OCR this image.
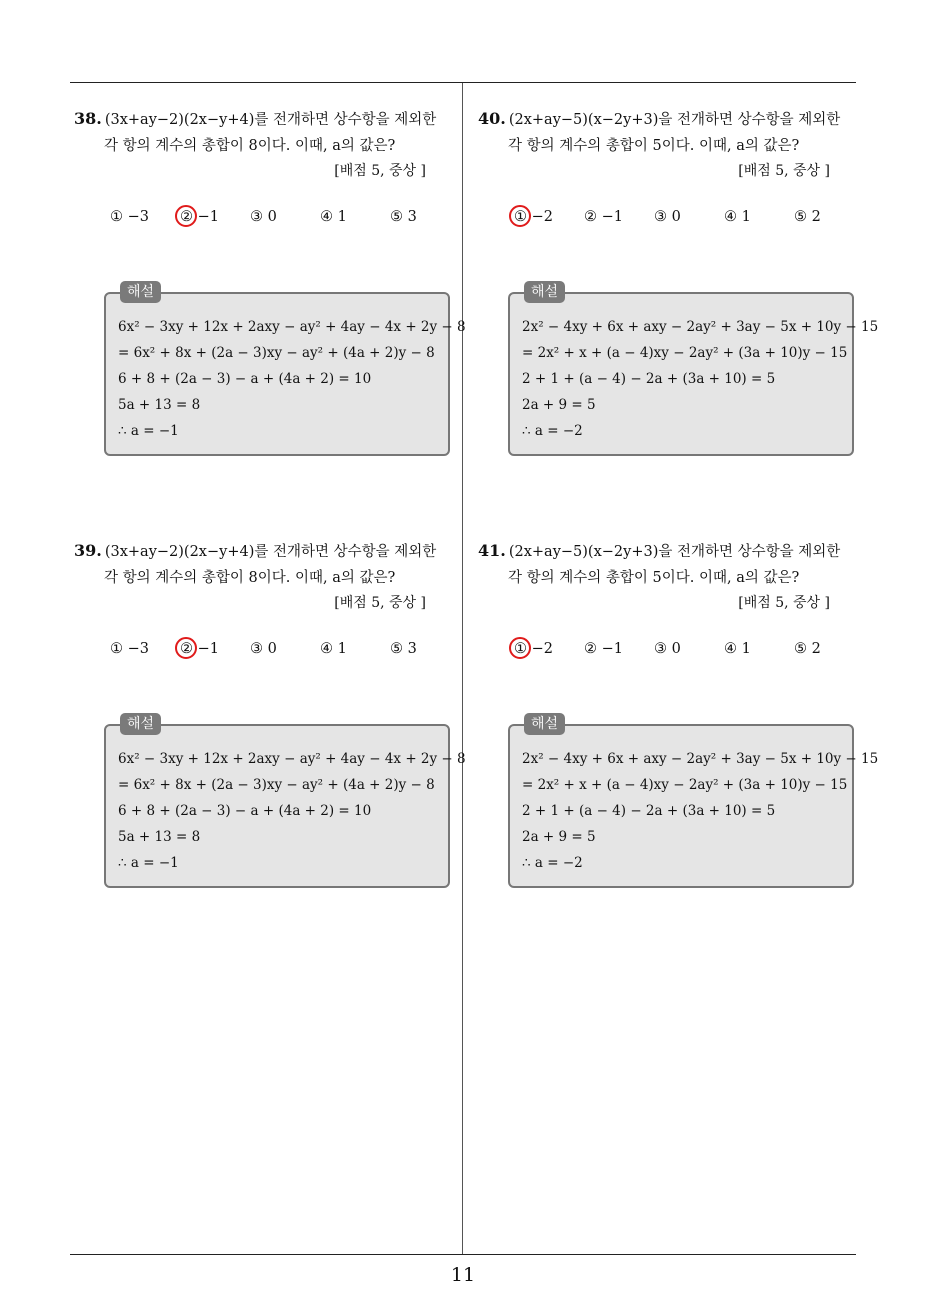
11
38. (3x+ay−2)(2x−y+4)를 전개하면 상수항을 제외한
각 항의 계수의 총합이 8이다. 이때, a의 값은?
[배점 5, 중상 ]
① −3 ② −1 ③ 0	④ 1	⑤ 3
해설
6x² − 3xy + 12x + 2axy − ay² + 4ay − 4x + 2y − 8
= 6x² + 8x + (2a − 3)xy − ay² + (4a + 2)y − 8
6 + 8 + (2a − 3) − a + (4a + 2) = 10
5a + 13 = 8
∴ a = −1
40. (2x+ay−5)(x−2y+3)을 전개하면 상수항을 제외한
각 항의 계수의 총합이 5이다. 이때, a의 값은?
[배점 5, 중상 ]
① −2 ② −1 ③ 0	④ 1	⑤ 2
해설
2x² − 4xy + 6x + axy − 2ay² + 3ay − 5x + 10y − 15
= 2x² + x + (a − 4)xy − 2ay² + (3a + 10)y − 15
2 + 1 + (a − 4) − 2a + (3a + 10) = 5
2a + 9 = 5
∴ a = −2
39. (3x+ay−2)(2x−y+4)를 전개하면 상수항을 제외한
각 항의 계수의 총합이 8이다. 이때, a의 값은?
[배점 5, 중상 ]
① −3 ② −1 ③ 0	④ 1	⑤ 3
해설
6x² − 3xy + 12x + 2axy − ay² + 4ay − 4x + 2y − 8
= 6x² + 8x + (2a − 3)xy − ay² + (4a + 2)y − 8
6 + 8 + (2a − 3) − a + (4a + 2) = 10
5a + 13 = 8
∴ a = −1
41. (2x+ay−5)(x−2y+3)을 전개하면 상수항을 제외한
각 항의 계수의 총합이 5이다. 이때, a의 값은?
[배점 5, 중상 ]
① −2 ② −1 ③ 0	④ 1	⑤ 2
해설
2x² − 4xy + 6x + axy − 2ay² + 3ay − 5x + 10y − 15
= 2x² + x + (a − 4)xy − 2ay² + (3a + 10)y − 15
2 + 1 + (a − 4) − 2a + (3a + 10) = 5
2a + 9 = 5
∴ a = −2
